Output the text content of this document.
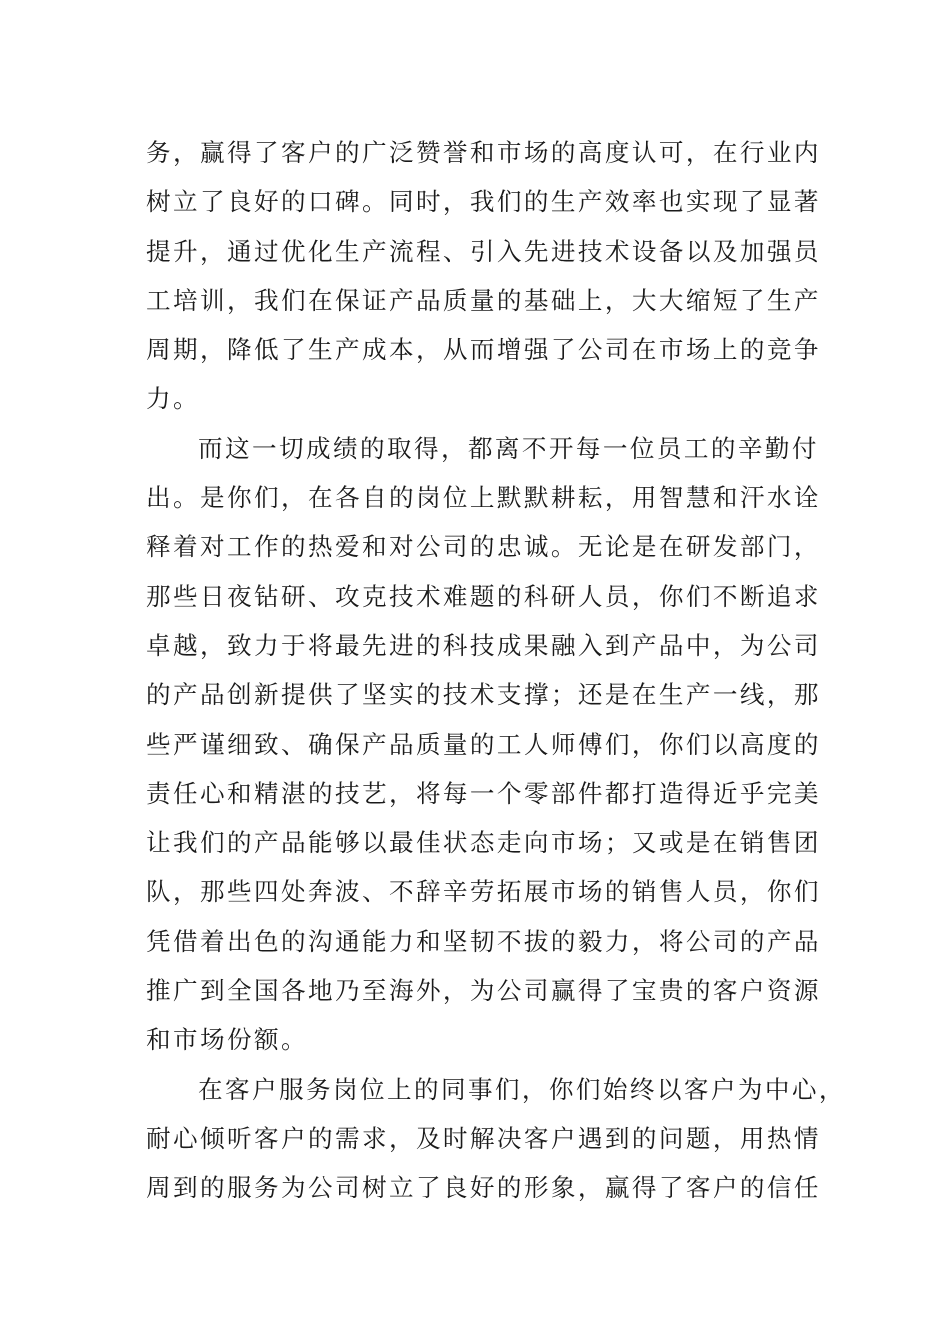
务，赢得了客户的广泛赞誉和市场的高度认可，在行业内
树立了良好的口碑。同时，我们的生产效率也实现了显著
提升，通过优化生产流程、引入先进技术设备以及加强员
工培训，我们在保证产品质量的基础上，大大缩短了生产
周期，降低了生产成本，从而增强了公司在市场上的竞争
力。
而这一切成绩的取得，都离不开每一位员工的辛勤付
出。是你们，在各自的岗位上默默耕耘，用智慧和汗水诠
释着对工作的热爱和对公司的忠诚。无论是在研发部门，
那些日夜钻研、攻克技术难题的科研人员，你们不断追求
卓越，致力于将最先进的科技成果融入到产品中，为公司
的产品创新提供了坚实的技术支撑；还是在生产一线，那
些严谨细致、确保产品质量的工人师傅们，你们以高度的
责任心和精湛的技艺，将每一个零部件都打造得近乎完美
让我们的产品能够以最佳状态走向市场；又或是在销售团
队，那些四处奔波、不辞辛劳拓展市场的销售人员，你们
凭借着出色的沟通能力和坚韧不拔的毅力，将公司的产品
推广到全国各地乃至海外，为公司赢得了宝贵的客户资源
和市场份额。
在客户服务岗位上的同事们，你们始终以客户为中心，
耐心倾听客户的需求，及时解决客户遇到的问题，用热情
周到的服务为公司树立了良好的形象，赢得了客户的信任
